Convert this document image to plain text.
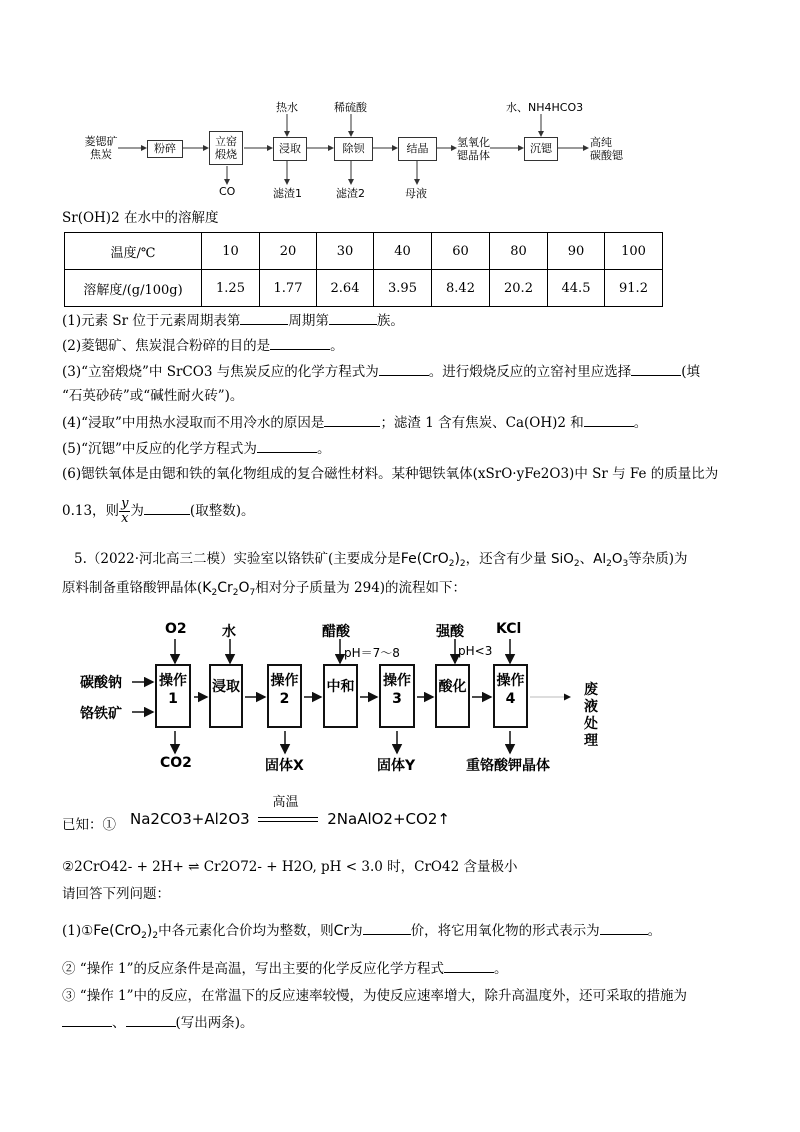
菱锶矿
焦炭	粉碎
立窑煅烧	浸取	除钡	结晶	氢氧化
锶晶体
沉锶	高纯
碳酸锶
热水	稀硫酸	水、NH4HCO3
CO	滤渣1	滤渣2	母液
Sr(OH)2 在水中的溶解度
温度/℃	10	20	30	40	60	80	90	100
溶解度/(g/100g)	1.25	1.77	2.64	3.95	8.42	20.2	44.5	91.2
(1)元素 Sr 位于元素周期表第	周期第	族。
(2)菱锶矿、焦炭混合粉碎的目的是	。
(3)“立窑煅烧”中 SrCO3 与焦炭反应的化学方程式为	。进行煅烧反应的立窑衬里应选择	(填
“石英砂砖”或“碱性耐火砖”)。
(4)“浸取”中用热水浸取而不用冷水的原因是	；滤渣 1 含有焦炭、Ca(OH)2 和	。
(5)“沉锶”中反应的化学方程式为	。
(6)锶铁氧体是由锶和铁的氧化物组成的复合磁性材料。某种锶铁氧体(xSrO·yFe2O3)中 Sr 与 Fe 的质量比为
0.13，则 $\frac{y}{x}$ 为	(取整数)。
5.（2022·河北高三二模）实验室以铬铁矿(主要成分是$Fe(CrO_2)_2$，还含有少量 SiO$_2$、$Al_2O_3$等杂质)为
原料制备重铬酸钾晶体($K_2Cr_2O_7$相对分子质量为 294)的流程如下：
碳酸钠
铬铁矿
操作1
浸取 操作2
中和 操作3
酸化 操作4
O2	水	醋酸
pH＝7～8
强酸
pH<3
KCl
CO2	固体X	固体Y	重铬酸钾晶体
废液处理
已知：① Na2CO3+Al2O3
高温
2NaAlO2+CO2↑
②2CrO42- + 2H+ ⇌ Cr2O72- + H2O, pH < 3.0 时，CrO42 含量极小
请回答下列问题：
$(1)①Fe(CrO_2)_2$中各元素化合价均为整数，则Cr为	价，将它用氧化物的形式表示为	。
② “操作 1”的反应条件是高温，写出主要的化学反应化学方程式	。
③ “操作 1”中的反应，在常温下的反应速率较慢，为使反应速率增大，除升高温度外，还可采取的措施为
、	(写出两条)。
